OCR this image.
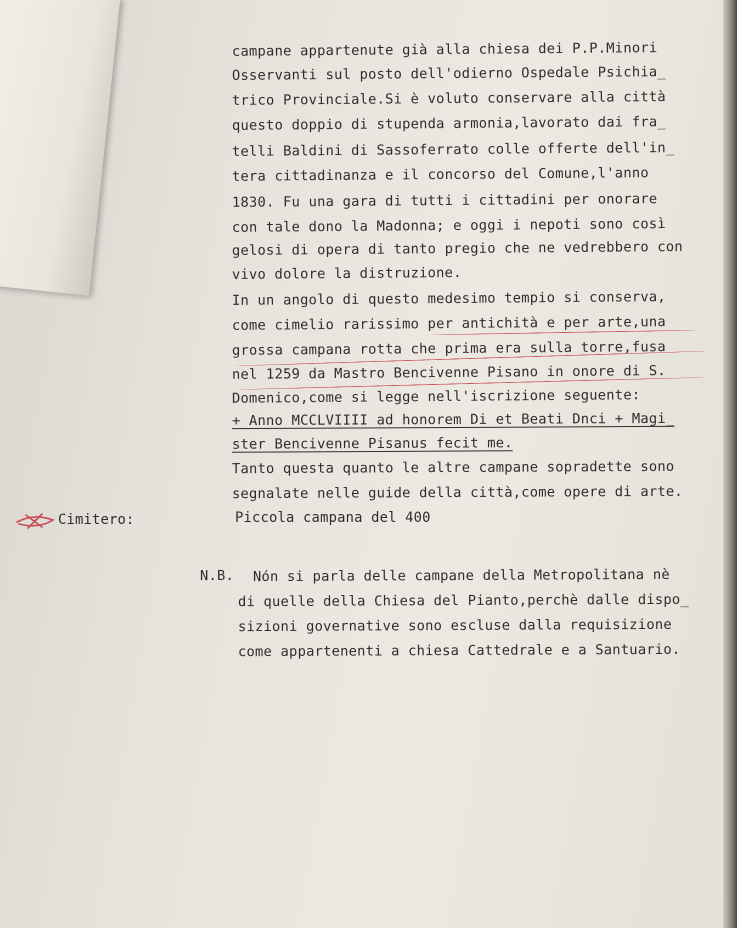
campane appartenute già alla chiesa dei P.P.Minori
Osservanti sul posto dell'odierno Ospedale Psichia_
trico Provinciale.Si è voluto conservare alla città
questo doppio di stupenda armonia,lavorato dai fra_
telli Baldini di Sassoferrato colle offerte dell'in_
tera cittadinanza e il concorso del Comune,l'anno
1830. Fu una gara di tutti i cittadini per onorare
con tale dono la Madonna; e oggi i nepoti sono così
gelosi di opera di tanto pregio che ne vedrebbero con
vivo dolore la distruzione.
In un angolo di questo medesimo tempio si conserva,
come cimelio rarissimo per antichità e per arte,una
grossa campana rotta che prima era sulla torre,fusa
nel 1259 da Mastro Bencivenne Pisano in onore di S.
Domenico,come si legge nell'iscrizione seguente:
+ Anno MCCLVIIII ad honorem Di et Beati Dnci + Magi_
ster Bencivenne Pisanus fecit me.
Tanto questa quanto le altre campane sopradette sono
segnalate nelle guide della città,come opere di arte.
Cimitero:	Piccola campana del 400
N.B. Nón si parla delle campane della Metropolitana nè
di quelle della Chiesa del Pianto,perchè dalle dispo_
sizioni governative sono escluse dalla requisizione
come appartenenti a chiesa Cattedrale e a Santuario.
